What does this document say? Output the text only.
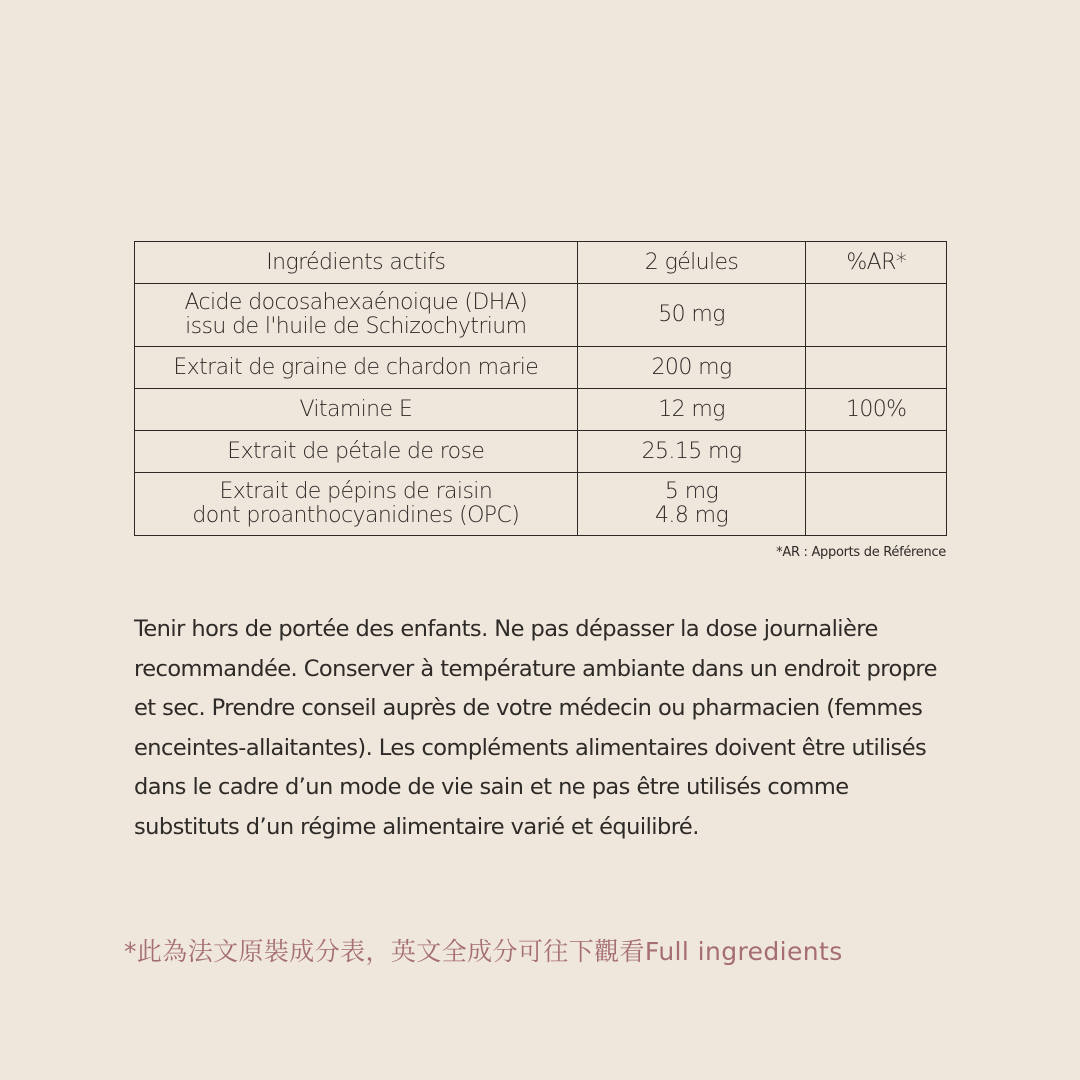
Ingrédients actifs	2 gélules	%AR*

Acide docosahexaénoique (DHA)
issu de l'huile de Schizochytrium	50 mg	

Extrait de graine de chardon marie	200 mg	

Vitamine E	12 mg	100%

Extrait de pétale de rose	25.15 mg	

Extrait de pépins de raisin
dont proanthocyanidines (OPC)	5 mg
4.8 mg	

*AR : Apports de Référence

Tenir hors de portée des enfants. Ne pas dépasser la dose journalière recommandée. Conserver à température ambiante dans un endroit propre et sec. Prendre conseil auprès de votre médecin ou pharmacien (femmes enceintes-allaitantes). Les compléments alimentaires doivent être utilisés dans le cadre d’un mode de vie sain et ne pas être utilisés comme substituts d’un régime alimentaire varié et équilibré.

*此為法文原裝成分表，英文全成分可往下觀看Full ingredients
